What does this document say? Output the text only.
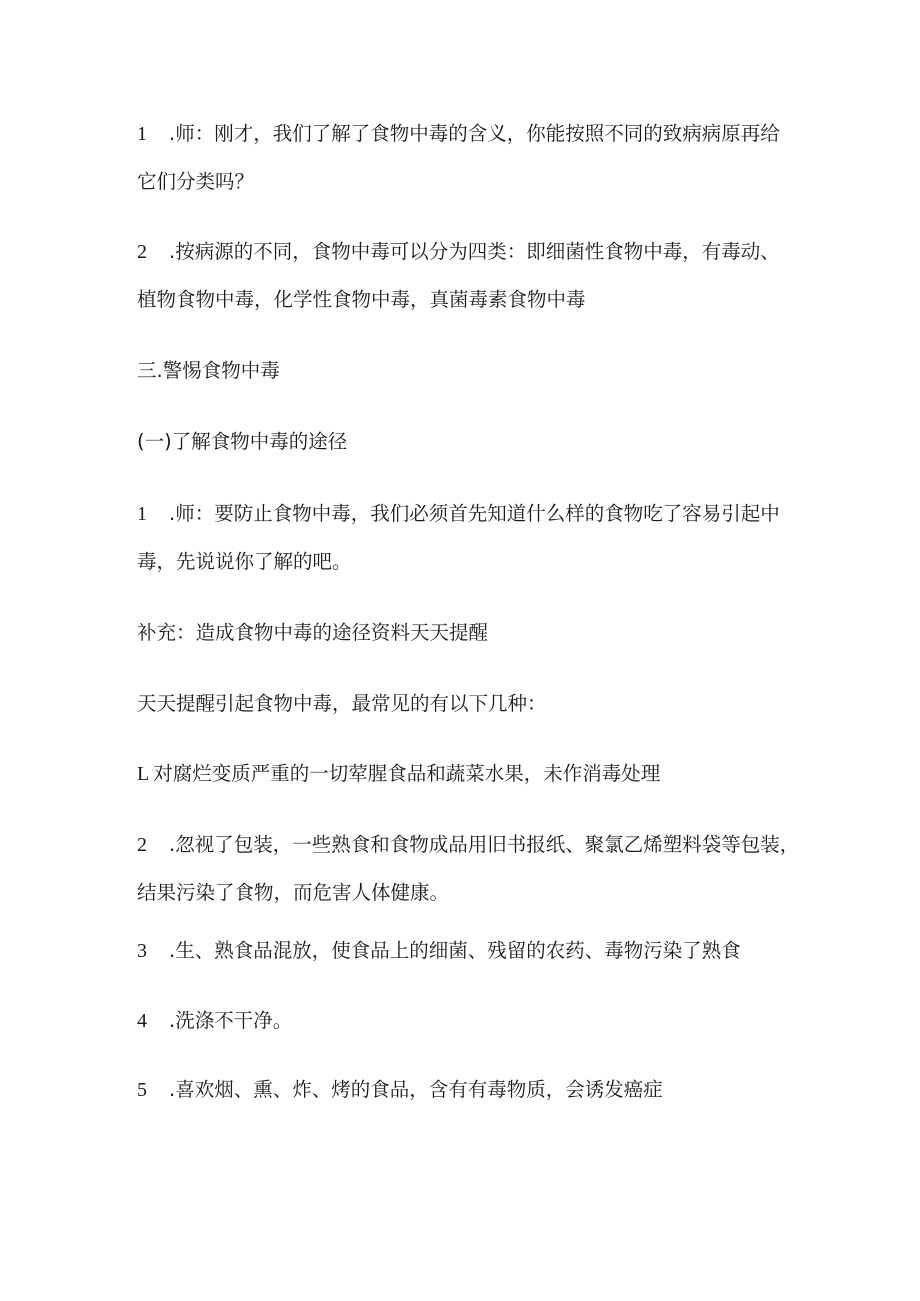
1 .师：刚才，我们了解了食物中毒的含义，你能按照不同的致病病原再给
它们分类吗？
2 .按病源的不同，食物中毒可以分为四类：即细菌性食物中毒，有毒动、
植物食物中毒，化学性食物中毒，真菌毒素食物中毒
三.警惕食物中毒
(一)了解食物中毒的途径
1 .师：要防止食物中毒，我们必须首先知道什么样的食物吃了容易引起中
毒，先说说你了解的吧。
补充：造成食物中毒的途径资料天天提醒
天天提醒引起食物中毒，最常见的有以下几种：
L 对腐烂变质严重的一切荤腥食品和蔬菜水果，未作消毒处理
2 .忽视了包装，一些熟食和食物成品用旧书报纸、聚氯乙烯塑料袋等包装，
结果污染了食物，而危害人体健康。
3 .生、熟食品混放，使食品上的细菌、残留的农药、毒物污染了熟食
4 .洗涤不干净。
5 .喜欢烟、熏、炸、烤的食品，含有有毒物质，会诱发癌症
